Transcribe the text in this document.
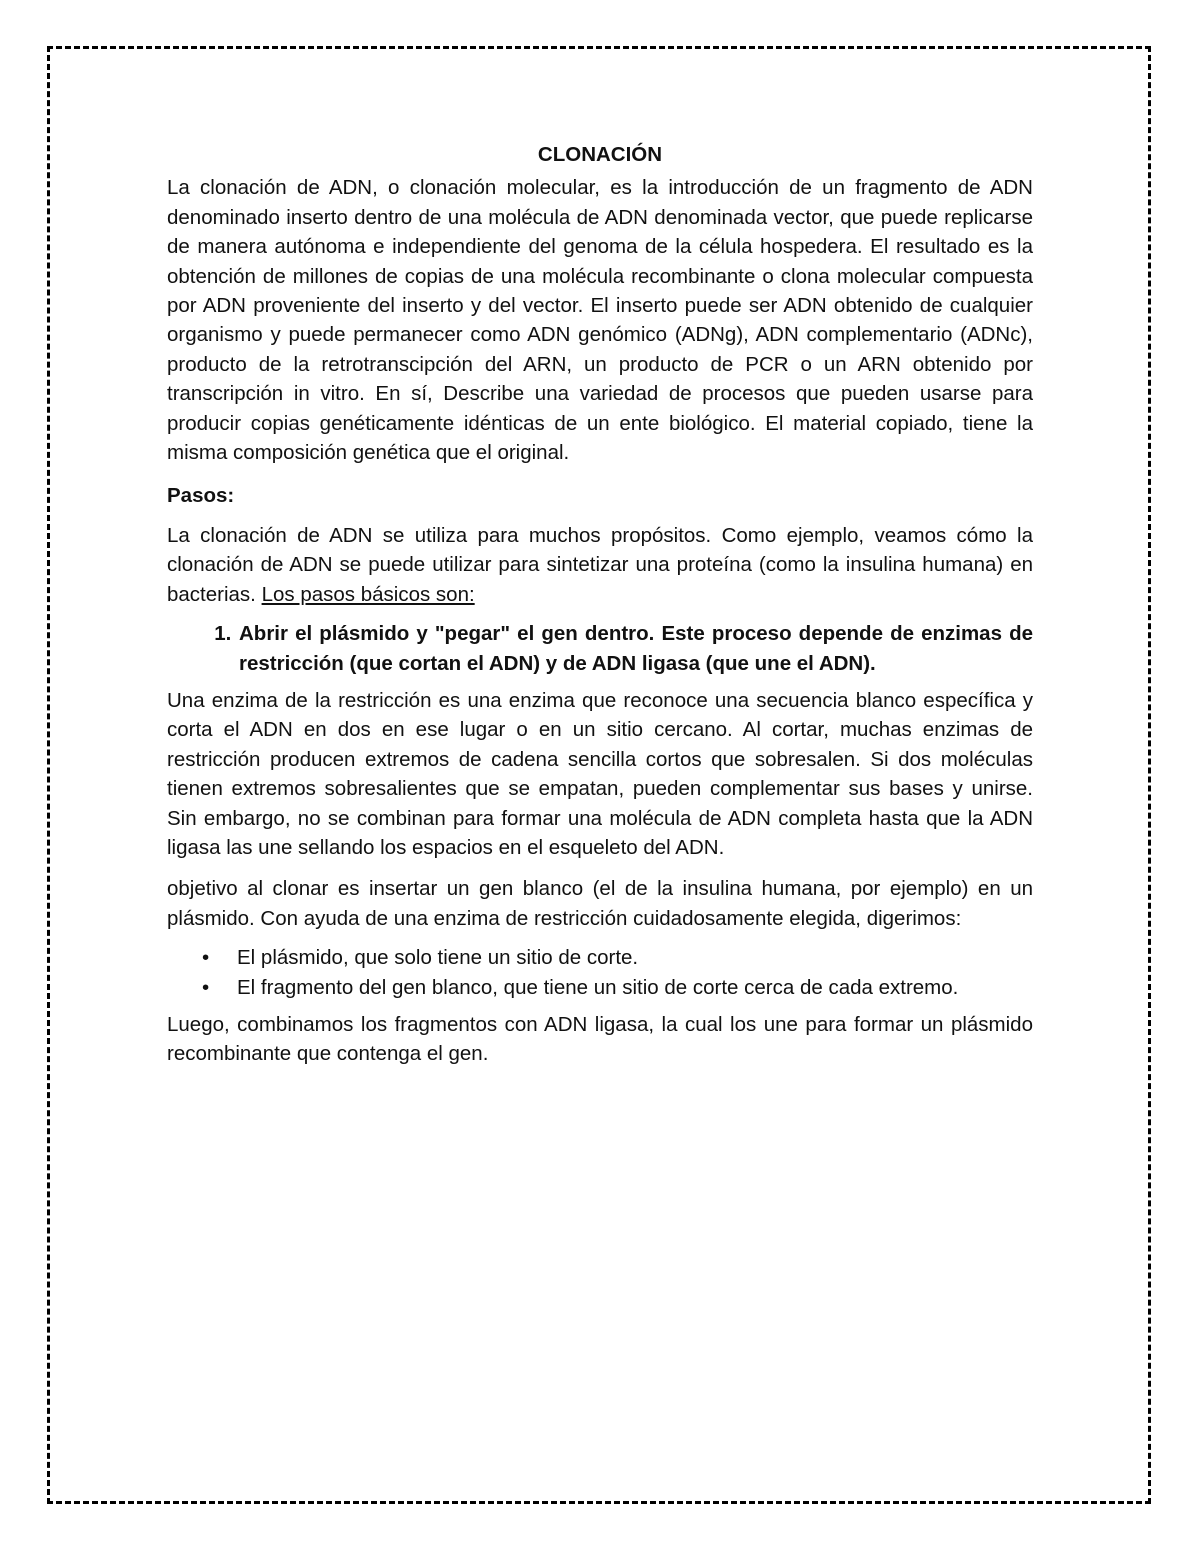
CLONACIÓN

La clonación de ADN, o clonación molecular, es la introducción de un fragmento de ADN denominado inserto dentro de una molécula de ADN denominada vector, que puede replicarse de manera autónoma e independiente del genoma de la célula hospedera. El resultado es la obtención de millones de copias de una molécula recombinante o clona molecular compuesta por ADN proveniente del inserto y del vector. El inserto puede ser ADN obtenido de cualquier organismo y puede permanecer como ADN genómico (ADNg), ADN complementario (ADNc), producto de la retrotranscipción del ARN, un producto de PCR o un ARN obtenido por transcripción in vitro. En sí, Describe una variedad de procesos que pueden usarse para producir copias genéticamente idénticas de un ente biológico. El material copiado, tiene la misma composición genética que el original.

Pasos:

La clonación de ADN se utiliza para muchos propósitos. Como ejemplo, veamos cómo la clonación de ADN se puede utilizar para sintetizar una proteína (como la insulina humana) en bacterias. Los pasos básicos son:

1. Abrir el plásmido y "pegar" el gen dentro. Este proceso depende de enzimas de restricción (que cortan el ADN) y de ADN ligasa (que une el ADN).

Una enzima de la restricción es una enzima que reconoce una secuencia blanco específica y corta el ADN en dos en ese lugar o en un sitio cercano. Al cortar, muchas enzimas de restricción producen extremos de cadena sencilla cortos que sobresalen. Si dos moléculas tienen extremos sobresalientes que se empatan, pueden complementar sus bases y unirse. Sin embargo, no se combinan para formar una molécula de ADN completa hasta que la ADN ligasa las une sellando los espacios en el esqueleto del ADN.

objetivo al clonar es insertar un gen blanco (el de la insulina humana, por ejemplo) en un plásmido. Con ayuda de una enzima de restricción cuidadosamente elegida, digerimos:

• El plásmido, que solo tiene un sitio de corte.
• El fragmento del gen blanco, que tiene un sitio de corte cerca de cada extremo.

Luego, combinamos los fragmentos con ADN ligasa, la cual los une para formar un plásmido recombinante que contenga el gen.
